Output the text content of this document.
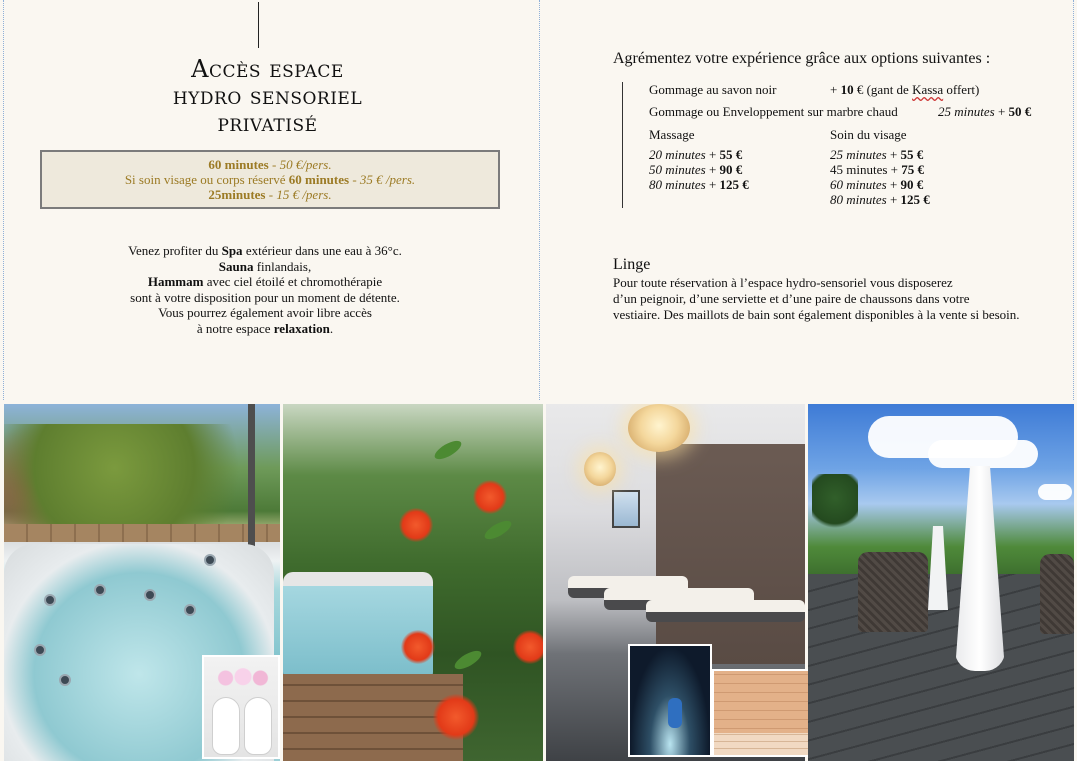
Accès espace
hydro sensoriel
privatisé
60 minutes - 50 €/pers.
Si soin visage ou corps réservé 60 minutes - 35 € /pers.
25minutes - 15 € /pers.
Venez profiter du Spa extérieur dans une eau à 36°c.
Sauna finlandais,
Hammam avec ciel étoilé et chromothérapie
sont à votre disposition pour un moment de détente.
Vous pourrez également avoir libre accès
à notre espace relaxation.
Agrémentez votre expérience grâce aux options suivantes :
Gommage au savon noir	+ 10 € (gant de Kassa offert)
Gommage ou Enveloppement sur marbre chaud	25 minutes + 50 €
Massage
20 minutes + 55 €
50 minutes + 90 €
80 minutes + 125 €
Soin du visage
25 minutes + 55 €
45 minutes + 75 €
60 minutes + 90 €
80 minutes + 125 €
Linge
Pour toute réservation à l’espace hydro-sensoriel vous disposerez
d’un peignoir, d’une serviette et d’une paire de chaussons dans votre
vestiaire. Des maillots de bain sont également disponibles à la vente si besoin.
